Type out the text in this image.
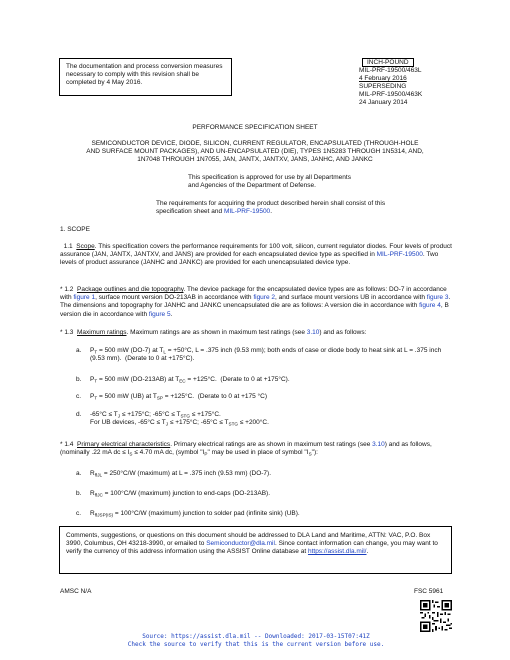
The documentation and process conversion measures necessary to comply with this revision shall be completed by 4 May 2016.

INCH-POUND
MIL-PRF-19500/463L
4 February 2016
SUPERSEDING
MIL-PRF-19500/463K
24 January 2014

PERFORMANCE SPECIFICATION SHEET

SEMICONDUCTOR DEVICE, DIODE, SILICON, CURRENT REGULATOR, ENCAPSULATED (THROUGH-HOLE AND SURFACE MOUNT PACKAGES), AND UN-ENCAPSULATED (DIE), TYPES 1N5283 THROUGH 1N5314, AND, 1N7048 THROUGH 1N7055, JAN, JANTX, JANTXV, JANS, JANHC, AND JANKC

This specification is approved for use by all Departments and Agencies of the Department of Defense.

The requirements for acquiring the product described herein shall consist of this specification sheet and MIL-PRF-19500.

1. SCOPE

1.1 Scope. This specification covers the performance requirements for 100 volt, silicon, current regulator diodes. Four levels of product assurance (JAN, JANTX, JANTXV, and JANS) are provided for each encapsulated device type as specified in MIL-PRF-19500. Two levels of product assurance (JANHC and JANKC) are provided for each unencapsulated device type.

* 1.2 Package outlines and die topography. The device package for the encapsulated device types are as follows: DO-7 in accordance with figure 1, surface mount version DO-213AB in accordance with figure 2, and surface mount versions UB in accordance with figure 3. The dimensions and topography for JANHC and JANKC unencapsulated die are as follows: A version die in accordance with figure 4, B version die in accordance with figure 5.

* 1.3 Maximum ratings. Maximum ratings are as shown in maximum test ratings (see 3.10) and as follows:

a. $P_T = 500$ mW (DO-7) at $T_L = +50^\circ C$, L = .375 inch (9.53 mm); both ends of case or diode body to heat sink at L = .375 inch (9.53 mm).  (Derate to 0 at +175°C).

b. $P_T = 500$ mW (DO-213AB) at $T_{EC} = +125^\circ C$.  (Derate to 0 at +175°C).

c. $P_T = 500$ mW (UB) at $T_{SP} = +125^\circ C$.  (Derate to 0 at +175 °C)

d. $-65^\circ C \le T_J \le +175^\circ C$; $-65^\circ C \le T_{STG} \le +175^\circ C$.

For UB devices, $-65^\circ C \le T_J \le +175^\circ C$; $-65^\circ C \le T_{STG} \le +200^\circ C$.

* 1.4 Primary electrical characteristics. Primary electrical ratings are as shown in maximum test ratings (see 3.10) and as follows, (nominally .22 mA dc ≤ $I_S \le 4.70$ mA dc, (symbol "$I_P$" may be used in place of symbol "$I_S$"):

a. $R_{\theta JL} = 250^\circ C/W$ (maximum) at L = .375 inch (9.53 mm) (DO-7).

b. $R_{\theta JC} = 100^\circ C/W$ (maximum) junction to end-caps (DO-213AB).

c. $R_{\theta JSP(IS)} = 100^\circ C/W$ (maximum) junction to solder pad (infinite sink) (UB).

Comments, suggestions, or questions on this document should be addressed to DLA Land and Maritime, ATTN: VAC, P.O. Box 3990, Columbus, OH 43218-3990, or emailed to Semiconductor@dla.mil. Since contact information can change, you may want to verify the currency of this address information using the ASSIST Online database at https://assist.dla.mil/.

AMSC N/A	FSC 5961

Source: https://assist.dla.mil -- Downloaded: 2017-03-15T07:41Z
Check the source to verify that this is the current version before use.
